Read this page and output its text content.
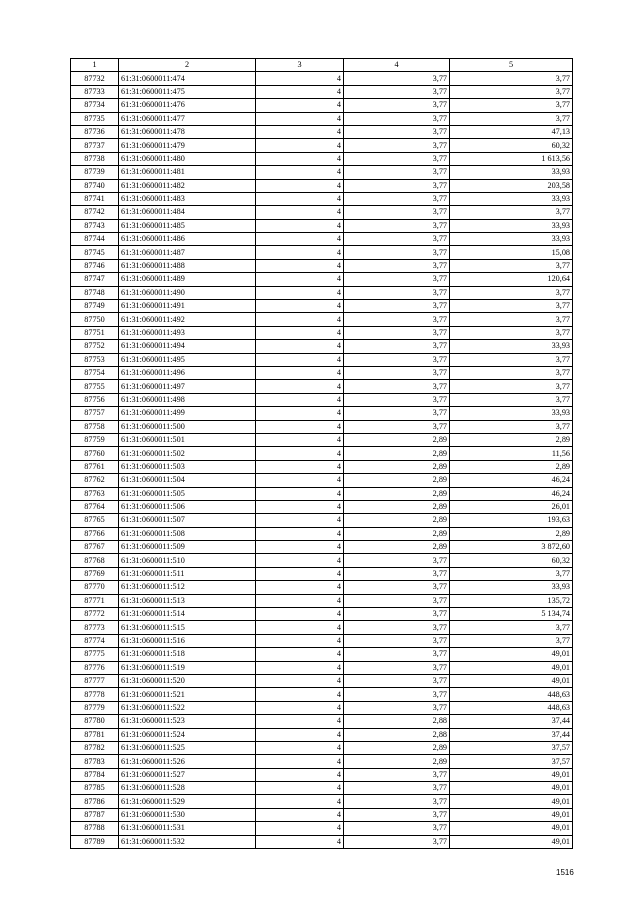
1	2	3	4	5
87732	61:31:0600011:474	4	3,77	3,77
87733	61:31:0600011:475	4	3,77	3,77
87734	61:31:0600011:476	4	3,77	3,77
87735	61:31:0600011:477	4	3,77	3,77
87736	61:31:0600011:478	4	3,77	47,13
87737	61:31:0600011:479	4	3,77	60,32
87738	61:31:0600011:480	4	3,77	1 613,56
87739	61:31:0600011:481	4	3,77	33,93
87740	61:31:0600011:482	4	3,77	203,58
87741	61:31:0600011:483	4	3,77	33,93
87742	61:31:0600011:484	4	3,77	3,77
87743	61:31:0600011:485	4	3,77	33,93
87744	61:31:0600011:486	4	3,77	33,93
87745	61:31:0600011:487	4	3,77	15,08
87746	61:31:0600011:488	4	3,77	3,77
87747	61:31:0600011:489	4	3,77	120,64
87748	61:31:0600011:490	4	3,77	3,77
87749	61:31:0600011:491	4	3,77	3,77
87750	61:31:0600011:492	4	3,77	3,77
87751	61:31:0600011:493	4	3,77	3,77
87752	61:31:0600011:494	4	3,77	33,93
87753	61:31:0600011:495	4	3,77	3,77
87754	61:31:0600011:496	4	3,77	3,77
87755	61:31:0600011:497	4	3,77	3,77
87756	61:31:0600011:498	4	3,77	3,77
87757	61:31:0600011:499	4	3,77	33,93
87758	61:31:0600011:500	4	3,77	3,77
87759	61:31:0600011:501	4	2,89	2,89
87760	61:31:0600011:502	4	2,89	11,56
87761	61:31:0600011:503	4	2,89	2,89
87762	61:31:0600011:504	4	2,89	46,24
87763	61:31:0600011:505	4	2,89	46,24
87764	61:31:0600011:506	4	2,89	26,01
87765	61:31:0600011:507	4	2,89	193,63
87766	61:31:0600011:508	4	2,89	2,89
87767	61:31:0600011:509	4	2,89	3 872,60
87768	61:31:0600011:510	4	3,77	60,32
87769	61:31:0600011:511	4	3,77	3,77
87770	61:31:0600011:512	4	3,77	33,93
87771	61:31:0600011:513	4	3,77	135,72
87772	61:31:0600011:514	4	3,77	5 134,74
87773	61:31:0600011:515	4	3,77	3,77
87774	61:31:0600011:516	4	3,77	3,77
87775	61:31:0600011:518	4	3,77	49,01
87776	61:31:0600011:519	4	3,77	49,01
87777	61:31:0600011:520	4	3,77	49,01
87778	61:31:0600011:521	4	3,77	448,63
87779	61:31:0600011:522	4	3,77	448,63
87780	61:31:0600011:523	4	2,88	37,44
87781	61:31:0600011:524	4	2,88	37,44
87782	61:31:0600011:525	4	2,89	37,57
87783	61:31:0600011:526	4	2,89	37,57
87784	61:31:0600011:527	4	3,77	49,01
87785	61:31:0600011:528	4	3,77	49,01
87786	61:31:0600011:529	4	3,77	49,01
87787	61:31:0600011:530	4	3,77	49,01
87788	61:31:0600011:531	4	3,77	49,01
87789	61:31:0600011:532	4	3,77	49,01
1516
